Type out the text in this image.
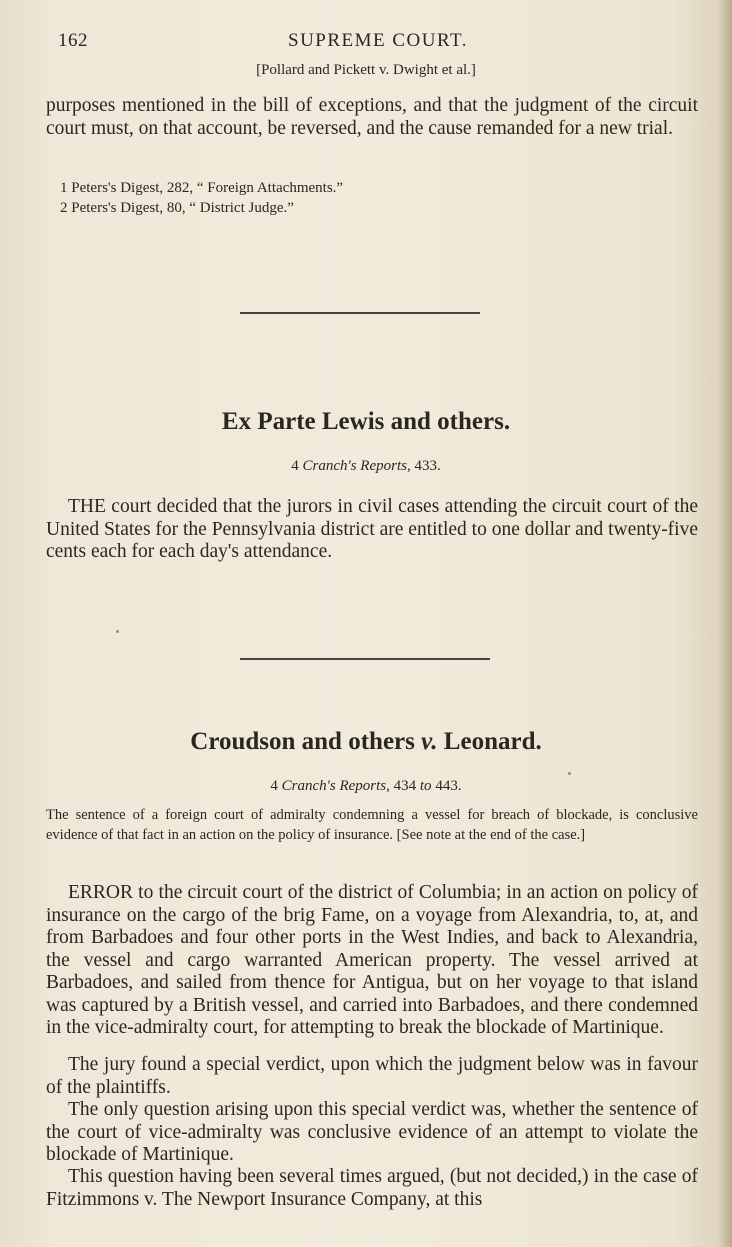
162	SUPREME COURT.
[Pollard and Pickett v. Dwight et al.]
purposes mentioned in the bill of exceptions, and that the judgment of the circuit court must, on that account, be reversed, and the cause remanded for a new trial.
1 Peters's Digest, 282, “ Foreign Attachments.”
2 Peters's Digest, 80, “ District Judge.”
Ex Parte Lewis and others.
4 Cranch's Reports, 433.
THE court decided that the jurors in civil cases attending the circuit court of the United States for the Pennsylvania district are entitled to one dollar and twenty-five cents each for each day's attendance.
Croudson and others v. Leonard.
4 Cranch's Reports, 434 to 443.
The sentence of a foreign court of admiralty condemning a vessel for breach of blockade, is conclusive evidence of that fact in an action on the policy of insurance. [See note at the end of the case.]
ERROR to the circuit court of the district of Columbia; in an action on policy of insurance on the cargo of the brig Fame, on a voyage from Alexandria, to, at, and from Barbadoes and four other ports in the West Indies, and back to Alexandria, the vessel and cargo warranted American property. The vessel arrived at Barbadoes, and sailed from thence for Antigua, but on her voyage to that island was captured by a British vessel, and carried into Barbadoes, and there condemned in the vice-admiralty court, for attempting to break the blockade of Martinique.
The jury found a special verdict, upon which the judgment below was in favour of the plaintiffs.
The only question arising upon this special verdict was, whether the sentence of the court of vice-admiralty was conclusive evidence of an attempt to violate the blockade of Martinique.
This question having been several times argued, (but not decided,) in the case of Fitzimmons v. The Newport Insurance Company, at this
